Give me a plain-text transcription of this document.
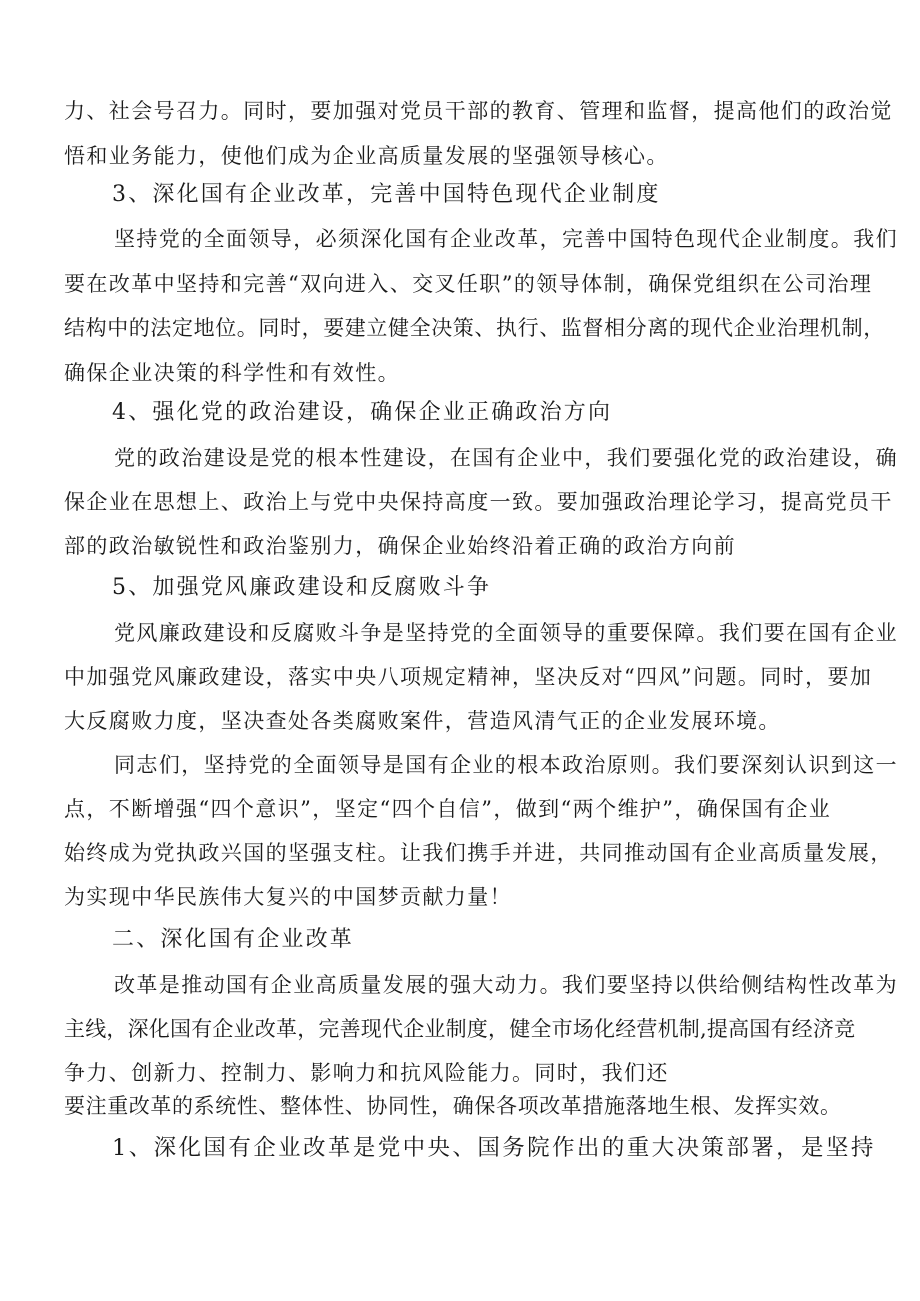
力、社会号召力。同时，要加强对党员干部的教育、管理和监督，提高他们的政治觉
悟和业务能力，使他们成为企业高质量发展的坚强领导核心。
3、深化国有企业改革，完善中国特色现代企业制度
坚持党的全面领导，必须深化国有企业改革，完善中国特色现代企业制度。我们
要在改革中坚持和完善“双向进入、交叉任职”的领导体制，确保党组织在公司治理
结构中的法定地位。同时，要建立健全决策、执行、监督相分离的现代企业治理机制，
确保企业决策的科学性和有效性。
4、强化党的政治建设，确保企业正确政治方向
党的政治建设是党的根本性建设，在国有企业中，我们要强化党的政治建设，确
保企业在思想上、政治上与党中央保持高度一致。要加强政治理论学习，提高党员干
部的政治敏锐性和政治鉴别力，确保企业始终沿着正确的政治方向前
5、加强党风廉政建设和反腐败斗争
党风廉政建设和反腐败斗争是坚持党的全面领导的重要保障。我们要在国有企业
中加强党风廉政建设，落实中央八项规定精神，坚决反对“四风”问题。同时，要加
大反腐败力度，坚决查处各类腐败案件，营造风清气正的企业发展环境。
同志们，坚持党的全面领导是国有企业的根本政治原则。我们要深刻认识到这一
点，不断增强“四个意识”，坚定“四个自信”，做到“两个维护”，确保国有企业
始终成为党执政兴国的坚强支柱。让我们携手并进，共同推动国有企业高质量发展，
为实现中华民族伟大复兴的中国梦贡献力量！
二、深化国有企业改革
改革是推动国有企业高质量发展的强大动力。我们要坚持以供给侧结构性改革为
主线，深化国有企业改革，完善现代企业制度，健全市场化经营机制,提高国有经济竞
争力、创新力、控制力、影响力和抗风险能力。同时，我们还
要注重改革的系统性、整体性、协同性，确保各项改革措施落地生根、发挥实效。
1、深化国有企业改革是党中央、国务院作出的重大决策部署，是坚持
